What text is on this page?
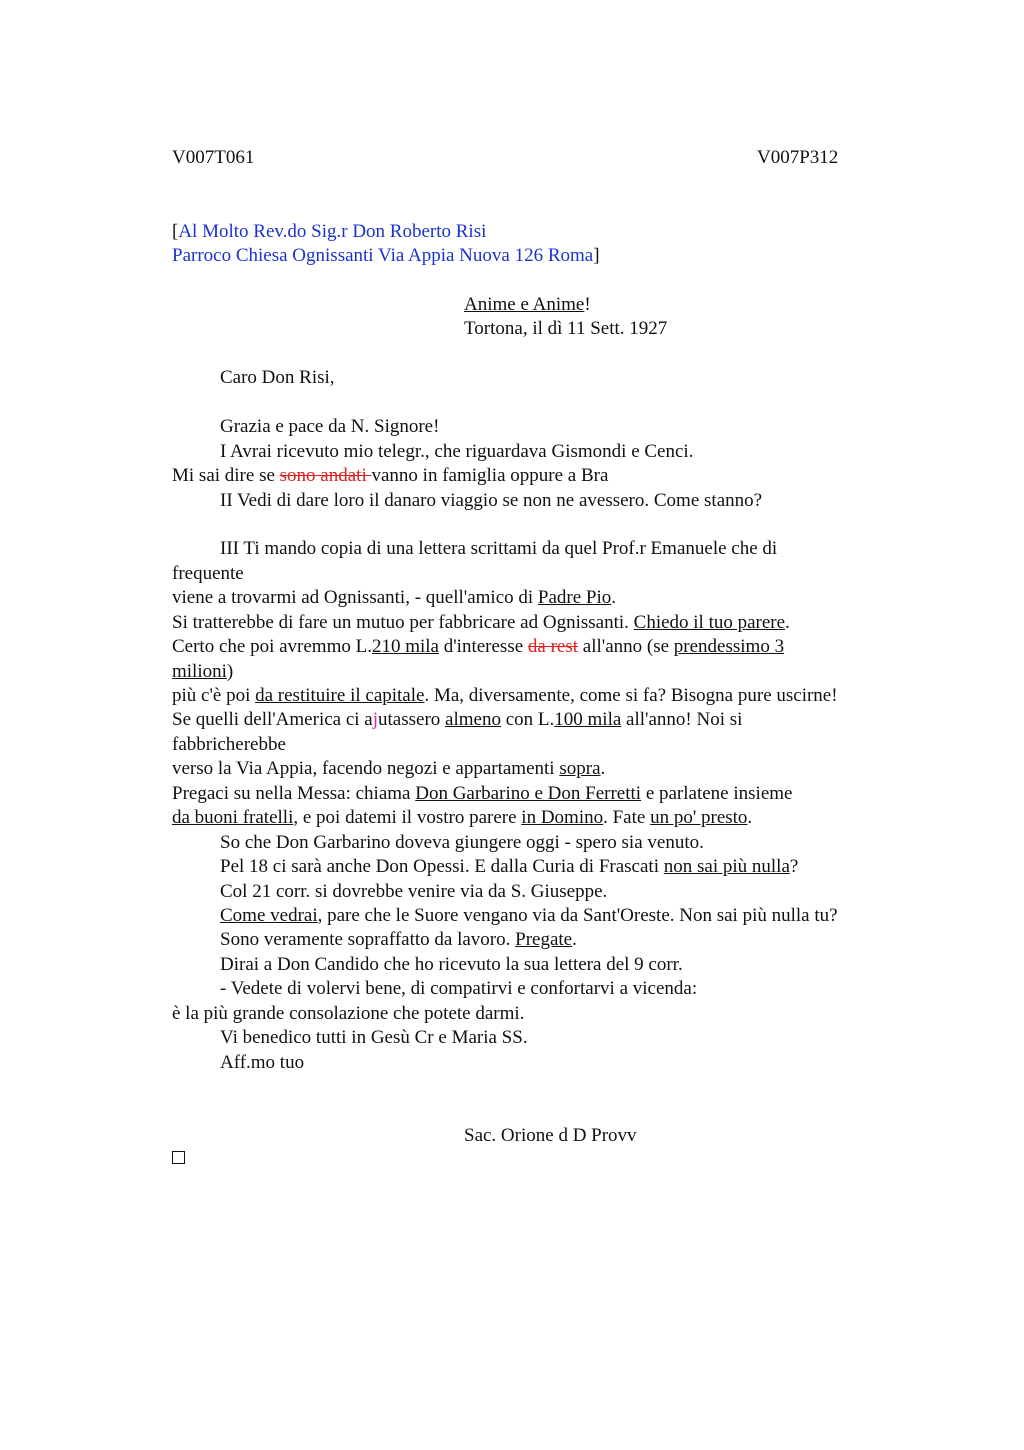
V007T061	V007P312
[Al Molto Rev.do Sig.r Don Roberto Risi
Parroco Chiesa Ognissanti Via Appia Nuova 126 Roma]
Anime e Anime!
Tortona, il dì 11 Sett. 1927
Caro Don Risi,
Grazia e pace da N. Signore!
I Avrai ricevuto mio telegr., che riguardava Gismondi e Cenci.
Mi sai dire se sono andati vanno in famiglia oppure a Bra
II Vedi di dare loro il danaro viaggio se non ne avessero. Come stanno?
III Ti mando copia di una lettera scrittami da quel Prof.r Emanuele che di
frequente
viene a trovarmi ad Ognissanti, - quell'amico di Padre Pio.
Si tratterebbe di fare un mutuo per fabbricare ad Ognissanti. Chiedo il tuo parere.
Certo che poi avremmo L.210 mila d'interesse da rest all'anno (se prendessimo 3
milioni)
più c'è poi da restituire il capitale. Ma, diversamente, come si fa? Bisogna pure uscirne!
Se quelli dell'America ci ajutassero almeno con L.100 mila all'anno! Noi si
fabbricherebbe
verso la Via Appia, facendo negozi e appartamenti sopra.
Pregaci su nella Messa: chiama Don Garbarino e Don Ferretti e parlatene insieme
da buoni fratelli, e poi datemi il vostro parere in Domino. Fate un po' presto.
So che Don Garbarino doveva giungere oggi - spero sia venuto.
Pel 18 ci sarà anche Don Opessi. E dalla Curia di Frascati non sai più nulla?
Col 21 corr. si dovrebbe venire via da S. Giuseppe.
Come vedrai, pare che le Suore vengano via da Sant'Oreste. Non sai più nulla tu?
Sono veramente sopraffatto da lavoro. Pregate.
Dirai a Don Candido che ho ricevuto la sua lettera del 9 corr.
- Vedete di volervi bene, di compatirvi e confortarvi a vicenda:
è la più grande consolazione che potete darmi.
Vi benedico tutti in Gesù Cr e Maria SS.
Aff.mo tuo
Sac. Orione d D Provv
